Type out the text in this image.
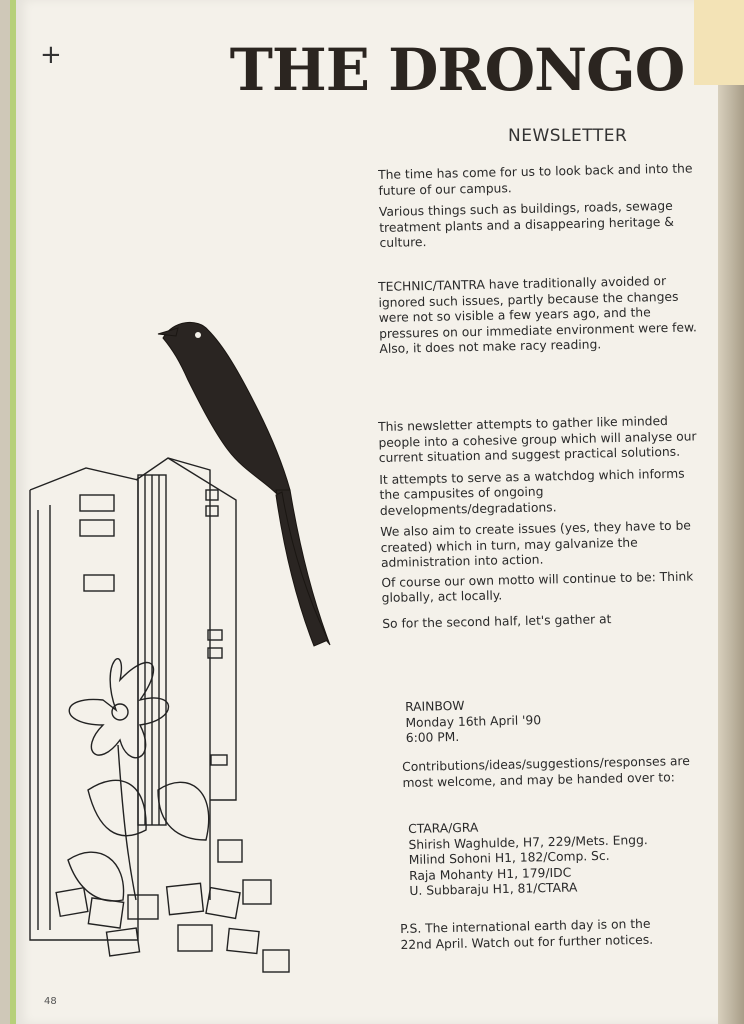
+	THE DRONGO
NEWSLETTER

The time has come for us to look back and into the future of our campus.

Various things such as buildings, roads, sewage treatment plants and a disappearing heritage & culture.

TECHNIC/TANTRA have traditionally avoided or ignored such issues, partly because the changes were not so visible a few years ago, and the pressures on our immediate environment were few. Also, it does not make racy reading.

This newsletter attempts to gather like minded people into a cohesive group which will analyse our current situation and suggest practical solutions.

It attempts to serve as a watchdog which informs the campusites of ongoing developments/degradations.

We also aim to create issues (yes, they have to be created) which in turn, may galvanize the administration into action.

Of course our own motto will continue to be: Think globally, act locally.

So for the second half, let's gather at

RAINBOW

Monday 16th April '90

6:00 PM.

Contributions/ideas/suggestions/responses are most welcome, and may be handed over to:

CTARA/GRA

Shirish Waghulde, H7, 229/Mets. Engg.

Milind Sohoni H1, 182/Comp. Sc.

Raja Mohanty H1, 179/IDC

U. Subbaraju H1, 81/CTARA

P.S. The international earth day is on the 22nd April. Watch out for further notices.

48
